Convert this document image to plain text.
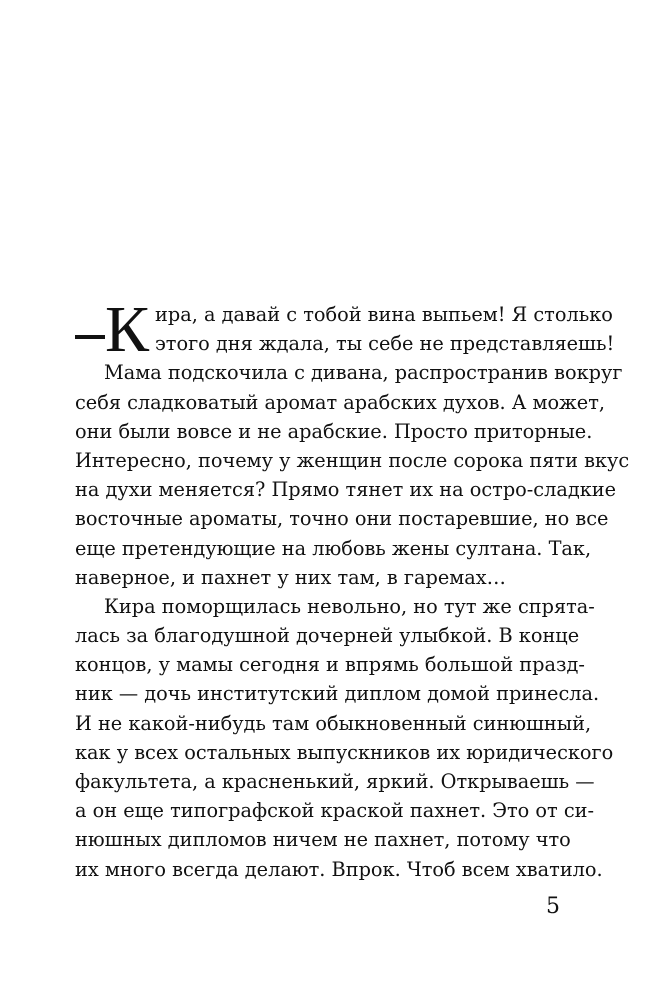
К ира, а давай с тобой вина выпьем! Я столько
этого дня ждала, ты себе не представляешь!
Мама подскочила с дивана, распространив вокруг
себя сладковатый аромат арабских духов. А может,
они были вовсе и не арабские. Просто приторные.
Интересно, почему у женщин после сорока пяти вкус
на духи меняется? Прямо тянет их на остро-сладкие
восточные ароматы, точно они постаревшие, но все
еще претендующие на любовь жены султана. Так,
наверное, и пахнет у них там, в гаремах…
Кира поморщилась невольно, но тут же спрята-
лась за благодушной дочерней улыбкой. В конце
концов, у мамы сегодня и впрямь большой празд-
ник — дочь институтский диплом домой принесла.
И не какой-нибудь там обыкновенный синюшный,
как у всех остальных выпускников их юридического
факультета, а красненький, яркий. Открываешь —
а он еще типографской краской пахнет. Это от си-
нюшных дипломов ничем не пахнет, потому что
их много всегда делают. Впрок. Чтоб всем хватило.
5
